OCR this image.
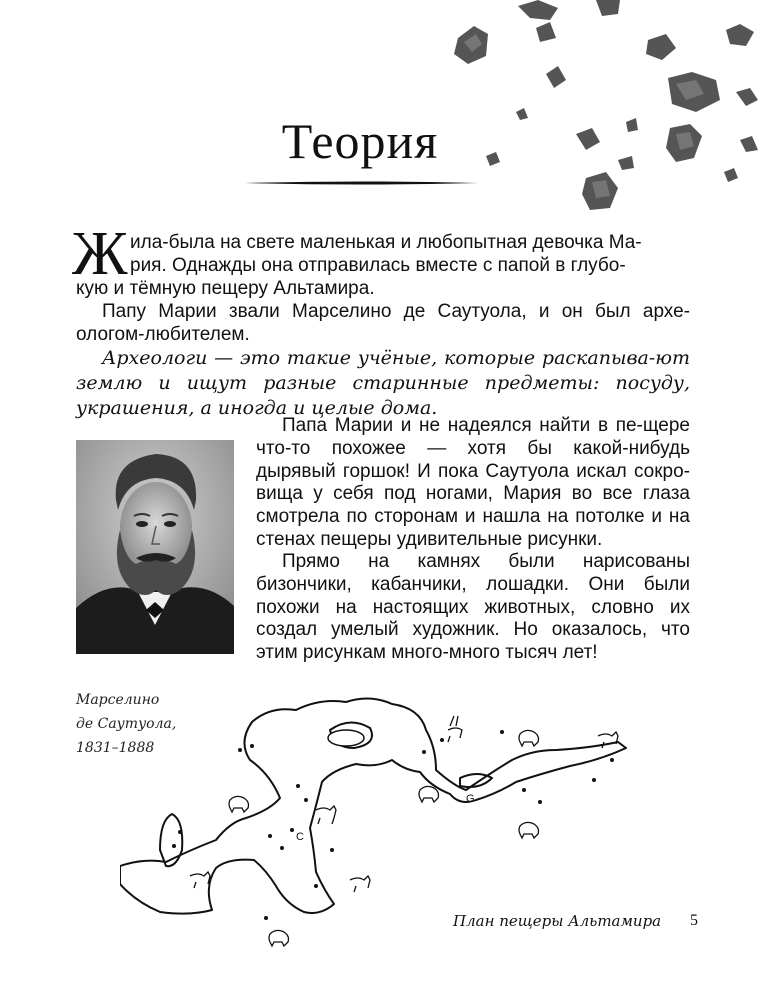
Теория
Ж ила-была на свете маленькая и любопытная девочка Ма-
рия. Однажды она отправилась вместе с папой в глубо-
кую и тёмную пещеру Альтамира.
Папу Марии звали Марселино де Саутуола, и он был архе-ологом-любителем.
Археологи — это такие учёные, которые раскапыва-ют землю и ищут разные старинные предметы: посуду, украшения, а иногда и целые дома.
Папа Марии и не надеялся найти в пе-щере что-то похожее — хотя бы какой-нибудь дырявый горшок! И пока Саутуола искал сокро-вища у себя под ногами, Мария во все глаза смотрела по сторонам и нашла на потолке и на стенах пещеры удивительные рисунки.
Прямо на камнях были нарисованы бизончики, кабанчики, лошадки. Они были похожи на настоящих животных, словно их создал умелый художник. Но оказалось, что этим рисункам много-много тысяч лет!
Марселино
де Саутуола,
1831–1888
C
G
План пещеры Альтамира 5
